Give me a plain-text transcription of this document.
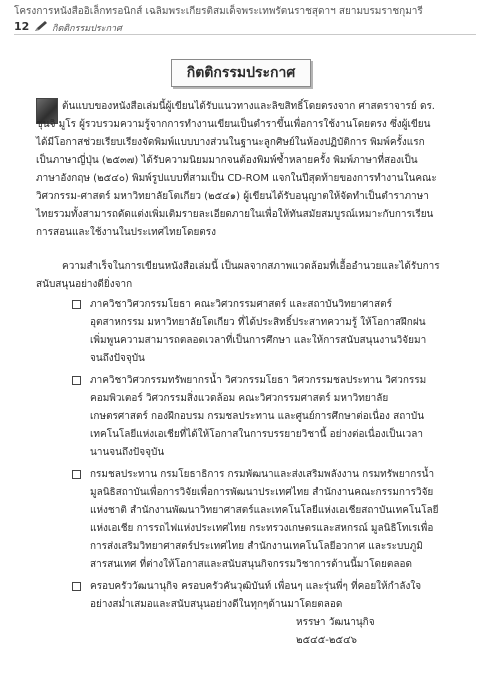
โครงการหนังสืออิเล็กทรอนิกส์ เฉลิมพระเกียรติสมเด็จพระเทพรัตนราชสุดาฯ สยามบรมราชกุมารี
12	กิตติกรรมประกาศ
กิตติกรรมประกาศ
ต้นแบบของหนังสือเล่มนี้ผู้เขียนได้รับแนวทางและลิขสิทธิ์โดยตรงจาก ศาสตราจารย์ ดร. ชุนจิ มูโร ผู้รวบรวมความรู้จากการทำงานเขียนเป็นตำราขึ้นเพื่อการใช้งานโดยตรง ซึ่งผู้เขียนได้มีโอกาสช่วยเรียบเรียงจัดพิมพ์แบบบางส่วนในฐานะลูกศิษย์ในห้องปฏิบัติการ พิมพ์ครั้งแรกเป็นภาษาญี่ปุ่น (๒๕๓๗) ได้รับความนิยมมากจนต้องพิมพ์ซ้ำหลายครั้ง พิมพ์ภาษาที่สองเป็นภาษาอังกฤษ (๒๕๔๐) พิมพ์รูปแบบที่สามเป็น CD-ROM แจกในปีสุดท้ายของการทำงานในคณะวิศวกรรม-ศาสตร์ มหาวิทยาลัยโตเกียว (๒๕๔๑) ผู้เขียนได้รับอนุญาตให้จัดทำเป็นตำราภาษาไทยรวมทั้งสามารถดัดแต่งเพิ่มเติมรายละเอียดภายในเพื่อให้ทันสมัยสมบูรณ์เหมาะกับการเรียนการสอนและใช้งานในประเทศไทยโดยตรง
ความสำเร็จในการเขียนหนังสือเล่มนี้ เป็นผลจากสภาพแวดล้อมที่เอื้ออำนวยและได้รับการสนับสนุนอย่างดียิ่งจาก
ภาควิชาวิศวกรรมโยธา คณะวิศวกรรมศาสตร์ และสถาบันวิทยาศาสตร์อุตสาหกรรม มหาวิทยาลัยโตเกียว ที่ได้ประสิทธิ์ประสาทความรู้ ให้โอกาสฝึกฝนเพิ่มพูนความสามารถตลอดเวลาที่เป็นการศึกษา และให้การสนับสนุนงานวิจัยมาจนถึงปัจจุบัน
ภาควิชาวิศวกรรมทรัพยากรน้ำ วิศวกรรมโยธา วิศวกรรมชลประทาน วิศวกรรมคอมพิวเตอร์ วิศวกรรมสิ่งแวดล้อม คณะวิศวกรรมศาสตร์ มหาวิทยาลัยเกษตรศาสตร์ กองฝึกอบรม กรมชลประทาน และศูนย์การศึกษาต่อเนื่อง สถาบันเทคโนโลยีแห่งเอเชียที่ได้ให้โอกาสในการบรรยายวิชานี้ อย่างต่อเนื่องเป็นเวลานานจนถึงปัจจุบัน
กรมชลประทาน กรมโยธาธิการ กรมพัฒนาและส่งเสริมพลังงาน กรมทรัพยากรน้ำ มูลนิธิสถาบันเพื่อการวิจัยเพื่อการพัฒนาประเทศไทย สำนักงานคณะกรรมการวิจัยแห่งชาติ สำนักงานพัฒนาวิทยาศาสตร์และเทคโนโลยีแห่งเอเชียสถาบันเทคโนโลยีแห่งเอเชีย การรถไฟแห่งประเทศไทย กระทรวงเกษตรและสหกรณ์ มูลนิธิโทเรเพื่อการส่งเสริมวิทยาศาสตร์ประเทศไทย สำนักงานเทคโนโลยีอวกาศ และระบบภูมิสารสนเทศ ที่ต่างให้โอกาสและสนับสนุนกิจกรรมวิชาการด้านนี้มาโดยตลอด
ครอบครัววัฒนานุกิจ ครอบครัวคันวุฒิบันท์ เพื่อนๆ และรุ่นพี่ๆ ที่คอยให้กำลังใจอย่างสม่ำเสมอและสนับสนุนอย่างดีในทุกๆด้านมาโดยตลอด
หรรษา วัฒนานุกิจ
๒๕๔๕-๒๕๔๖
